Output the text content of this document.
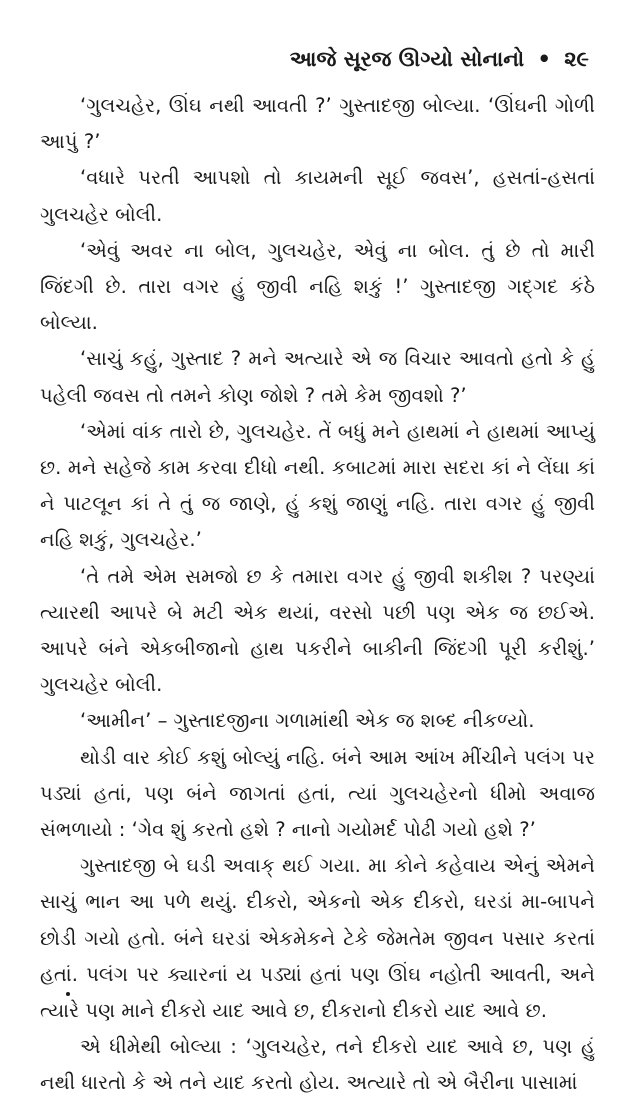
આજે સૂરજ ઊગ્યો સોનાનો • ૨૯

‘ગુલચહેર, ઊંઘ નથી આવતી ?’ ગુસ્તાદજી બોલ્યા. ‘ઊંઘની ગોળી આપું ?’

‘વધારે પરતી આપશો તો કાયમની સૂઈ જવસ’, હસતાં-હસતાં ગુલચહેર બોલી.

‘એવું અવર ના બોલ, ગુલચહેર, એવું ના બોલ. તું છે તો મારી જિંદગી છે. તારા વગર હું જીવી નહિ શકું !’ ગુસ્તાદજી ગદ્ગદ કંઠે બોલ્યા.

‘સાચું કહું, ગુસ્તાદ ? મને અત્યારે એ જ વિચાર આવતો હતો કે હું પહેલી જવસ તો તમને કોણ જોશે ? તમે કેમ જીવશો ?’

‘એમાં વાંક તારો છે, ગુલચહેર. તેં બધું મને હાથમાં ને હાથમાં આપ્યું છ. મને સહેજે કામ કરવા દીધો નથી. કબાટમાં મારા સદરા કાં ને લેંઘા કાં ને પાટલૂન કાં તે તું જ જાણે, હું કશું જાણું નહિ. તારા વગર હું જીવી નહિ શકું, ગુલચહેર.’

‘તે તમે એમ સમજો છ કે તમારા વગર હું જીવી શકીશ ? પરણ્યાં ત્યારથી આપરે બે મટી એક થયાં, વરસો પછી પણ એક જ છઈએ. આપરે બંને એકબીજાનો હાથ પકરીને બાકીની જિંદગી પૂરી કરીશું.’ ગુલચહેર બોલી.

‘આમીન’ – ગુસ્તાદજીના ગળામાંથી એક જ શબ્દ નીકળ્યો.

થોડી વાર કોઈ કશું બોલ્યું નહિ. બંને આમ આંખ મીંચીને પલંગ પર પડ્યાં હતાં, પણ બંને જાગતાં હતાં, ત્યાં ગુલચહેરનો ધીમો અવાજ સંભળાયો : ‘ગેવ શું કરતો હશે ? નાનો ગયોમર્દ પોઢી ગયો હશે ?’

ગુસ્તાદજી બે ઘડી અવાક્ થઈ ગયા. મા કોને કહેવાય એનું એમને સાચું ભાન આ પળે થયું. દીકરો, એકનો એક દીકરો, ઘરડાં મા-બાપને છોડી ગયો હતો. બંને ઘરડાં એકમેકને ટેકે જેમતેમ જીવન પસાર કરતાં હતાં. પલંગ પર ક્યારનાં ય પડ્યાં હતાં પણ ઊંઘ નહોતી આવતી, અને ત્યારે પણ માને દીકરો યાદ આવે છ, દીકરાનો દીકરો યાદ આવે છ.

એ ધીમેથી બોલ્યા : ‘ગુલચહેર, તને દીકરો યાદ આવે છ, પણ હું નથી ધારતો કે એ તને યાદ કરતો હોય. અત્યારે તો એ બૈરીના પાસામાં
